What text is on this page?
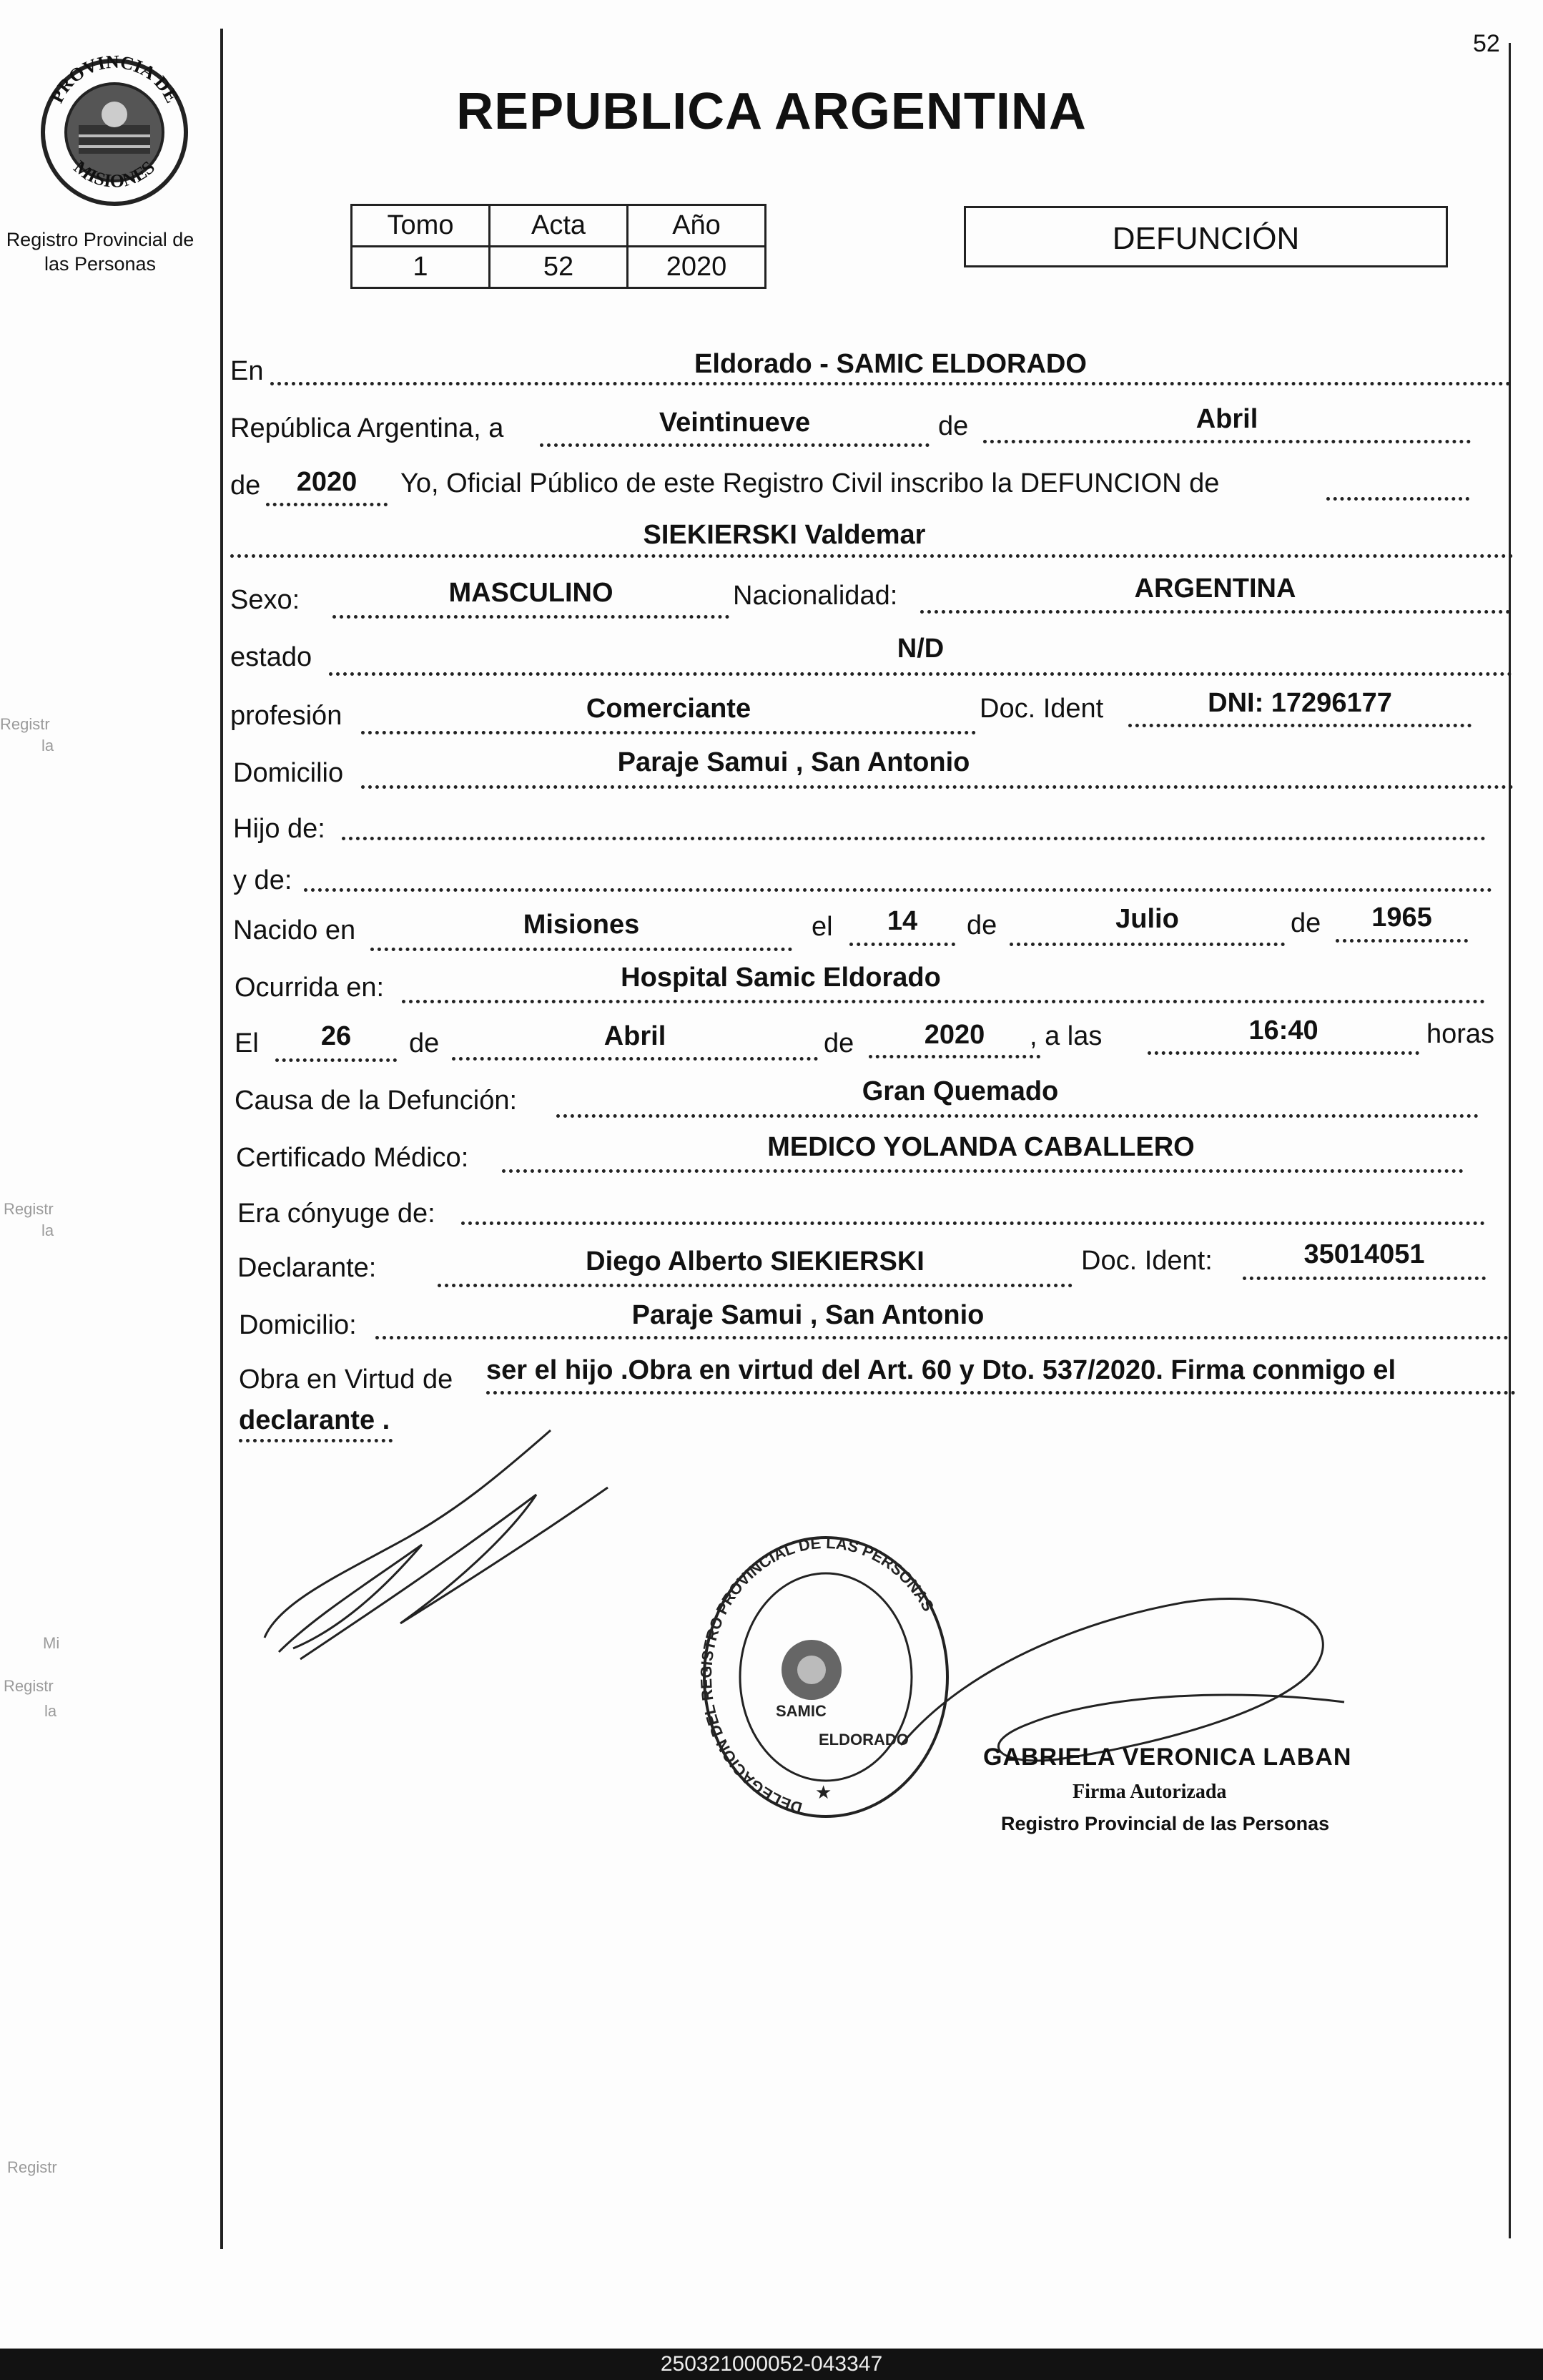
PROVINCIA DE
MISIONES
Registro Provincial de las Personas
Registr
la
Registr
la
Mi
Registr
la
Registr
52
REPUBLICA ARGENTINA
Tomo	Acta	Año
1	52	2020
DEFUNCIÓN
En	Eldorado - SAMIC ELDORADO
República Argentina, a	Veintinueve	de	Abril
de	2020	Yo, Oficial Público de este Registro Civil inscribo la DEFUNCION de
SIEKIERSKI Valdemar
Sexo:	MASCULINO	Nacionalidad:	ARGENTINA
estado	N/D
profesión	Comerciante	Doc. Ident	DNI: 17296177
Domicilio	Paraje Samui , San Antonio
Hijo de:
y de:
Nacido en	Misiones	el	14	de	Julio	de	1965
Ocurrida en:	Hospital Samic Eldorado
El	26	de	Abril	de	2020	, a las	16:40	horas
Causa de la Defunción:	Gran Quemado
Certificado Médico:	MEDICO YOLANDA CABALLERO
Era cónyuge de:
Declarante:	Diego Alberto SIEKIERSKI	Doc. Ident:	35014051
Domicilio:	Paraje Samui , San Antonio
Obra en Virtud de ser el hijo .Obra en virtud del Art. 60 y Dto. 537/2020. Firma conmigo el
declarante .
DELEGACION DEL REGISTRO PROVINCIAL DE LAS PERSONAS
SAMIC
ELDORADO
★
GABRIELA VERONICA LABAN
Firma Autorizada
Registro Provincial de las Personas
250321000052-043347
